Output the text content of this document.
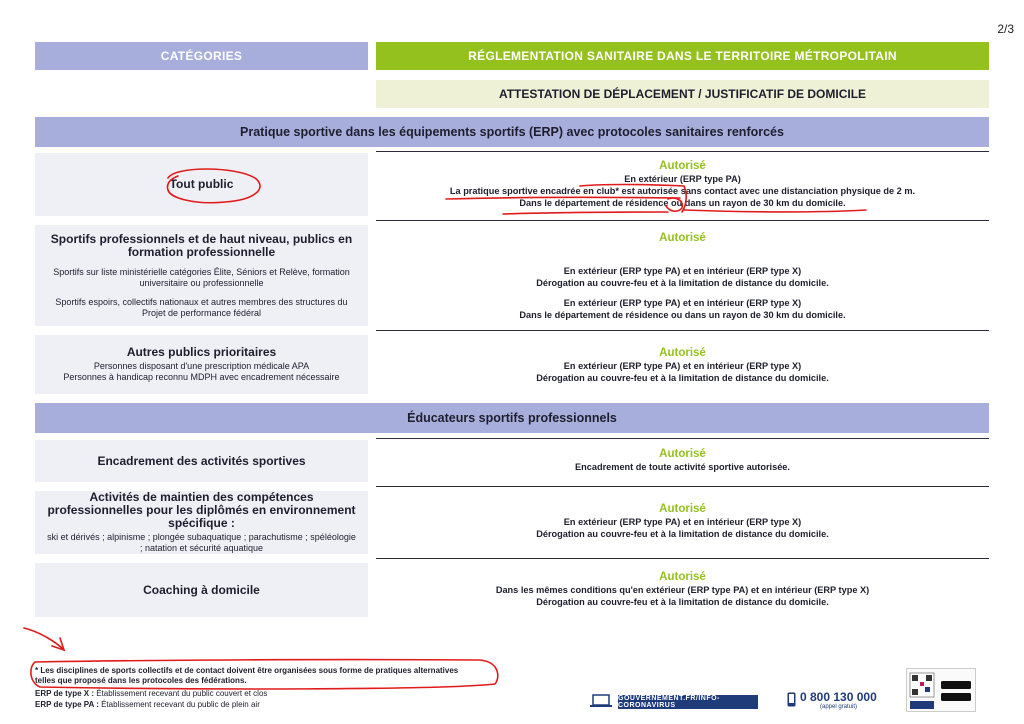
2/3
CATÉGORIES	RÉGLEMENTATION SANITAIRE DANS LE TERRITOIRE MÉTROPOLITAIN
ATTESTATION DE DÉPLACEMENT / JUSTIFICATIF DE DOMICILE
Pratique sportive dans les équipements sportifs (ERP) avec protocoles sanitaires renforcés
Tout public
Autorisé
En extérieur (ERP type PA)
La pratique sportive encadrée en club* est autorisée sans contact avec une distanciation physique de 2 m.
Dans le département de résidence ou dans un rayon de 30 km du domicile.
Sportifs professionnels et de haut niveau, publics en formation professionnelle
Sportifs sur liste ministérielle catégories Élite, Séniors et Relève, formation universitaire ou professionnelle
Sportifs espoirs, collectifs nationaux et autres membres des structures du Projet de performance fédéral
Autorisé
En extérieur (ERP type PA) et en intérieur (ERP type X)
Dérogation au couvre-feu et à la limitation de distance du domicile.
En extérieur (ERP type PA) et en intérieur (ERP type X)
Dans le département de résidence ou dans un rayon de 30 km du domicile.
Autres publics prioritaires
Personnes disposant d'une prescription médicale APA
Personnes à handicap reconnu MDPH avec encadrement nécessaire
Autorisé
En extérieur (ERP type PA) et en intérieur (ERP type X)
Dérogation au couvre-feu et à la limitation de distance du domicile.
Éducateurs sportifs professionnels
Encadrement des activités sportives	Autorisé
Encadrement de toute activité sportive autorisée.
Activités de maintien des compétences professionnelles pour les diplômés en environnement spécifique :
ski et dérivés ; alpinisme ; plongée subaquatique ; parachutisme ; spéléologie ; natation et sécurité aquatique
Autorisé
En extérieur (ERP type PA) et en intérieur (ERP type X)
Dérogation au couvre-feu et à la limitation de distance du domicile.
Coaching à domicile
Autorisé
Dans les mêmes conditions qu'en extérieur (ERP type PA) et en intérieur (ERP type X)
Dérogation au couvre-feu et à la limitation de distance du domicile.
* Les disciplines de sports collectifs et de contact doivent être organisées sous forme de pratiques alternatives
telles que proposé dans les protocoles des fédérations.
ERP de type X : Établissement recevant du public couvert et clos
ERP de type PA : Établissement recevant du public de plein air
GOUVERNEMENT.FR/INFO-CORONAVIRUS
0 800 130 000
(appel gratuit)
